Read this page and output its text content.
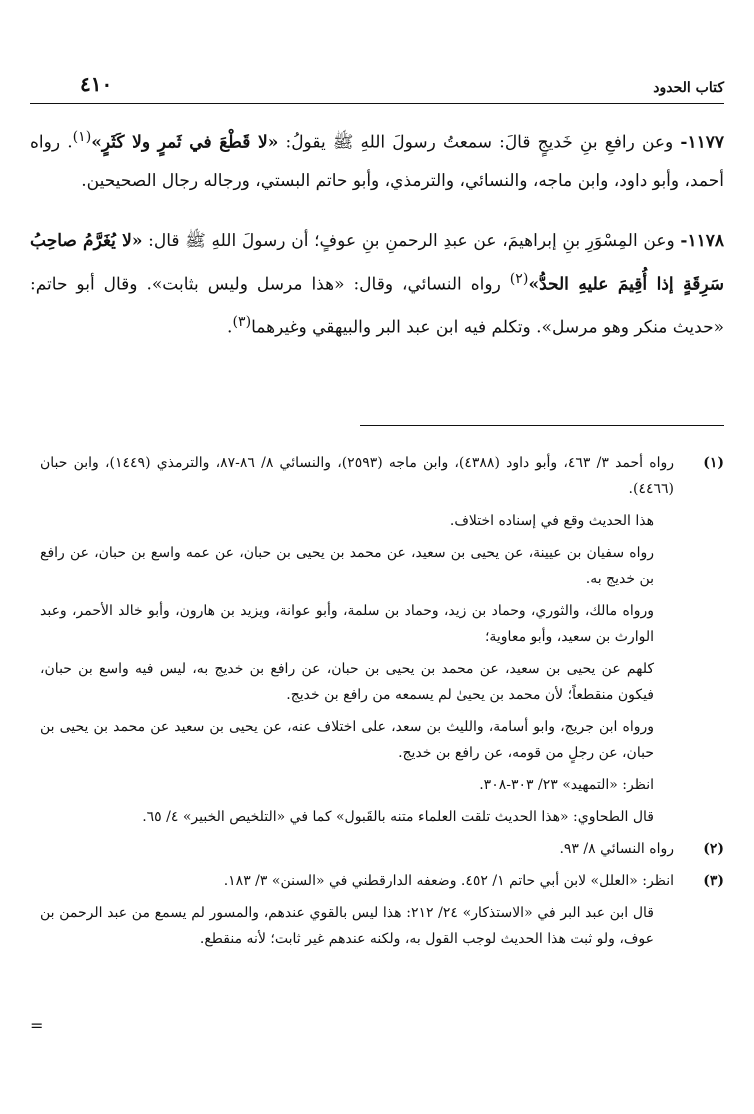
كتاب الحدود
٤١٠

١١٧٧- وعن رافعِ بنِ خَديجٍ قالَ: سمعتُ رسولَ اللهِ ﷺ يقولُ: «لا قَطْعَ في ثَمرٍ ولا كَثَرٍ»$^{(١)}$. رواه أحمد، وأبو داود، وابن ماجه، والنسائي، والترمذي، وأبو حاتم البستي، ورجاله رجال الصحيحين.

١١٧٨- وعن المِسْوَرِ بنِ إبراهيمَ، عن عبدِ الرحمنِ بنِ عوفٍ؛ أن رسولَ اللهِ ﷺ قال: «لا يُغَرَّمُ صاحِبُ سَرِقَةٍ إذا أُقِيمَ عليهِ الحدُّ»$^{(٢)}$ رواه النسائي، وقال: «هذا مرسل وليس بثابت». وقال أبو حاتم: «حديث منكر وهو مرسل». وتكلم فيه ابن عبد البر والبيهقي وغيرهما$^{(٣)}$.

(١)

رواه أحمد ٣/ ٤٦٣، وأبو داود (٤٣٨٨)، وابن ماجه (٢٥٩٣)، والنسائي ٨/ ٨٦-٨٧، والترمذي (١٤٤٩)، وابن حبان (٤٤٦٦).

هذا الحديث وقع في إسناده اختلاف.

رواه سفيان بن عيينة، عن يحيى بن سعيد، عن محمد بن يحيى بن حبان، عن عمه واسع بن حبان، عن رافع بن خديج به.

ورواه مالك، والثوري، وحماد بن زيد، وحماد بن سلمة، وأبو عوانة، ويزيد بن هارون، وأبو خالد الأحمر، وعبد الوارث بن سعيد، وأبو معاوية؛

كلهم عن يحيى بن سعيد، عن محمد بن يحيى بن حبان، عن رافع بن خديج به، ليس فيه واسع بن حبان، فيكون منقطعاً؛ لأن محمد بن يحيىٰ لم يسمعه من رافع بن خديج.

ورواه ابن جريج، وابو أسامة، والليث بن سعد، على اختلاف عنه، عن يحيى بن سعيد عن محمد بن يحيى بن حبان، عن رجلٍ من قومه، عن رافع بن خديج.

انظر: «التمهيد» ٢٣/ ٣٠٣-٣٠٨.

قال الطحاوي: «هذا الحديث تلقت العلماء متنه بالقَبول» كما في «التلخيص الخبير» ٤/ ٦٥.

(٢)

رواه النسائي ٨/ ٩٣.

(٣)

انظر: «العلل» لابن أبي حاتم ١/ ٤٥٢. وضعفه الدارقطني في «السنن» ٣/ ١٨٣.

قال ابن عبد البر في «الاستذكار» ٢٤/ ٢١٢: هذا ليس بالقوي عندهم، والمسور لم يسمع من عبد الرحمن بن عوف، ولو ثبت هذا الحديث لوجب القول به، ولكنه عندهم غير ثابت؛ لأنه منقطع.

=
